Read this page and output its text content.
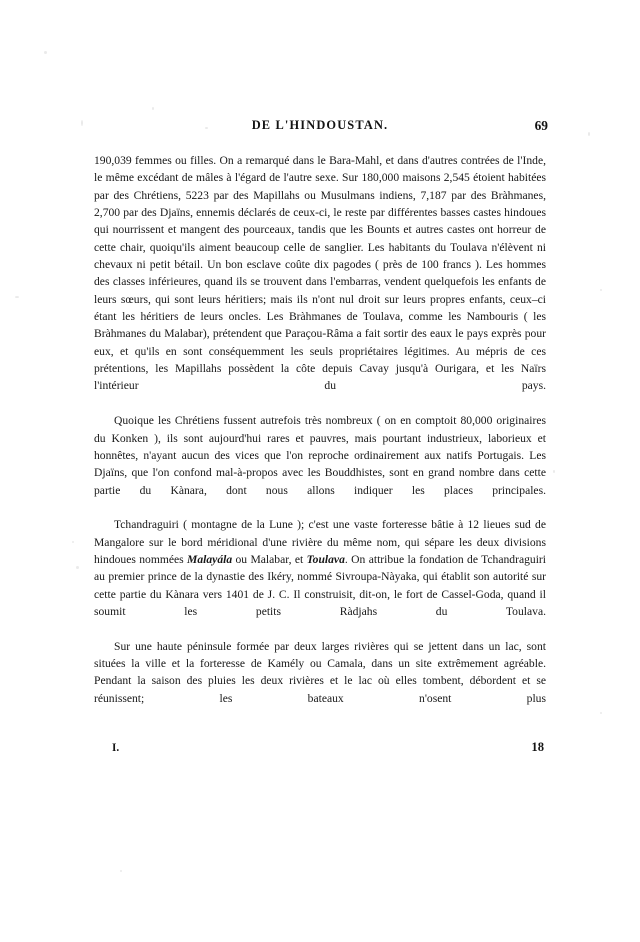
DE L'HINDOUSTAN.	69

190,039 femmes ou filles. On a remarqué dans le Bara-Mahl, et dans d'autres contrées de l'Inde, le même excédant de mâles à l'égard de l'autre sexe. Sur 180,000 maisons 2,545 étoient habitées par des Chrétiens, 5223 par des Mapillahs ou Musulmans indiens, 7,187 par des Bràhmanes, 2,700 par des Djaïns, ennemis déclarés de ceux-ci, le reste par différentes basses castes hindoues qui nourrissent et mangent des pourceaux, tandis que les Bounts et autres castes ont horreur de cette chair, quoiqu'ils aiment beaucoup celle de sanglier. Les habitants du Toulava n'élèvent ni chevaux ni petit bétail. Un bon esclave coûte dix pagodes ( près de 100 francs ). Les hommes des classes inférieures, quand ils se trouvent dans l'embarras, vendent quelquefois les enfants de leurs sœurs, qui sont leurs héritiers; mais ils n'ont nul droit sur leurs propres enfants, ceux–ci étant les héritiers de leurs oncles. Les Bràhmanes de Toulava, comme les Nambouris ( les Bràhmanes du Malabar), prétendent que Paraçou-Râma a fait sortir des eaux le pays exprès pour eux, et qu'ils en sont conséquemment les seuls propriétaires légitimes. Au mépris de ces prétentions, les Mapillahs possèdent la côte depuis Cavay jusqu'à Ourigara, et les Naïrs l'intérieur du pays.

Quoique les Chrétiens fussent autrefois très nombreux ( on en comptoit 80,000 originaires du Konken ), ils sont aujourd'hui rares et pauvres, mais pourtant industrieux, laborieux et honnêtes, n'ayant aucun des vices que l'on reproche ordinairement aux natifs Portugais. Les Djaïns, que l'on confond mal-à-propos avec les Bouddhistes, sont en grand nombre dans cette partie du Kànara, dont nous allons indiquer les places principales.

Tchandraguiri ( montagne de la Lune ); c'est une vaste forteresse bâtie à 12 lieues sud de Mangalore sur le bord méridional d'une rivière du même nom, qui sépare les deux divisions hindoues nommées Malayála ou Malabar, et Toulava. On attribue la fondation de Tchandraguiri au premier prince de la dynastie des Ikéry, nommé Sivroupa-Nàyaka, qui établit son autorité sur cette partie du Kànara vers 1401 de J. C. Il construisit, dit-on, le fort de Cassel-Goda, quand il soumit les petits Ràdjahs du Toulava.

Sur une haute péninsule formée par deux larges rivières qui se jettent dans un lac, sont situées la ville et la forteresse de Kamély ou Camala, dans un site extrêmement agréable. Pendant la saison des pluies les deux rivières et le lac où elles tombent, débordent et se réunissent; les bateaux n'osent plus

I.	18
